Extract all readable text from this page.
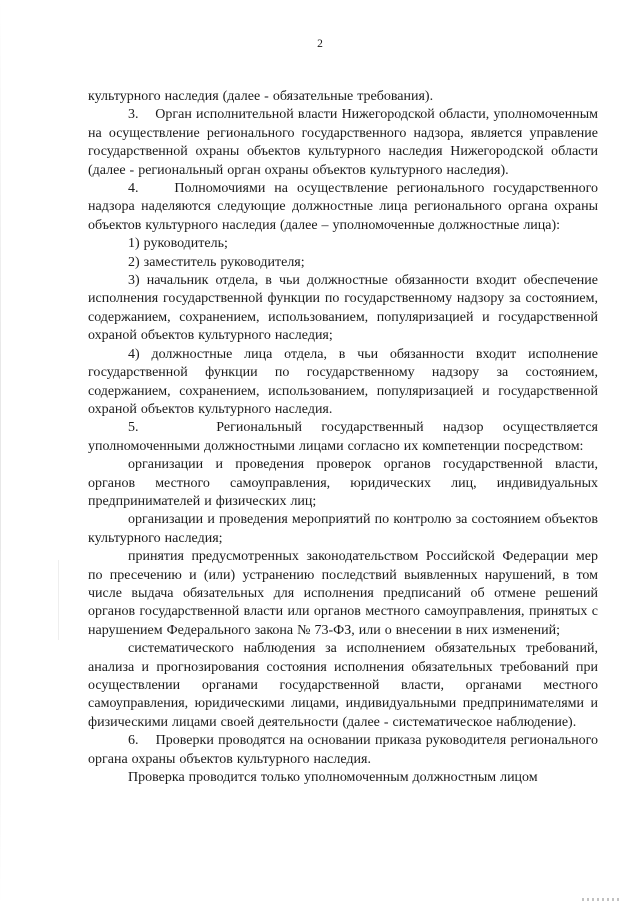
2

культурного наследия (далее - обязательные требования).

3.    Орган исполнительной власти Нижегородской области, уполномоченным на осуществление регионального государственного надзора, является управление государственной охраны объектов культурного наследия Нижегородской области (далее - региональный орган охраны объектов культурного наследия).

4.    Полномочиями на осуществление регионального государственного надзора наделяются следующие должностные лица регионального органа охраны объектов культурного наследия (далее – уполномоченные должностные лица):

1) руководитель;

2) заместитель руководителя;

3) начальник отдела, в чьи должностные обязанности входит обеспечение исполнения государственной функции по государственному надзору за состоянием, содержанием, сохранением, использованием, популяризацией и государственной охраной объектов культурного наследия;

4) должностные лица отдела, в чьи обязанности входит исполнение государственной функции по государственному надзору за состоянием, содержанием, сохранением, использованием, популяризацией и государственной охраной объектов культурного наследия.

5.    Региональный государственный надзор осуществляется уполномоченными должностными лицами согласно их компетенции посредством:

организации и проведения проверок органов государственной власти, органов местного самоуправления, юридических лиц, индивидуальных предпринимателей и физических лиц;

организации и проведения мероприятий по контролю за состоянием объектов культурного наследия;

принятия предусмотренных законодательством Российской Федерации мер по пресечению и (или) устранению последствий выявленных нарушений, в том числе выдача обязательных для исполнения предписаний об отмене решений органов государственной власти или органов местного самоуправления, принятых с нарушением Федерального закона № 73-ФЗ, или о внесении в них изменений;

систематического наблюдения за исполнением обязательных требований, анализа и прогнозирования состояния исполнения обязательных требований при осуществлении органами государственной власти, органами местного самоуправления, юридическими лицами, индивидуальными предпринимателями и физическими лицами своей деятельности (далее - систематическое наблюдение).

6.    Проверки проводятся на основании приказа руководителя регионального органа охраны объектов культурного наследия.

Проверка проводится только уполномоченным должностным лицом
